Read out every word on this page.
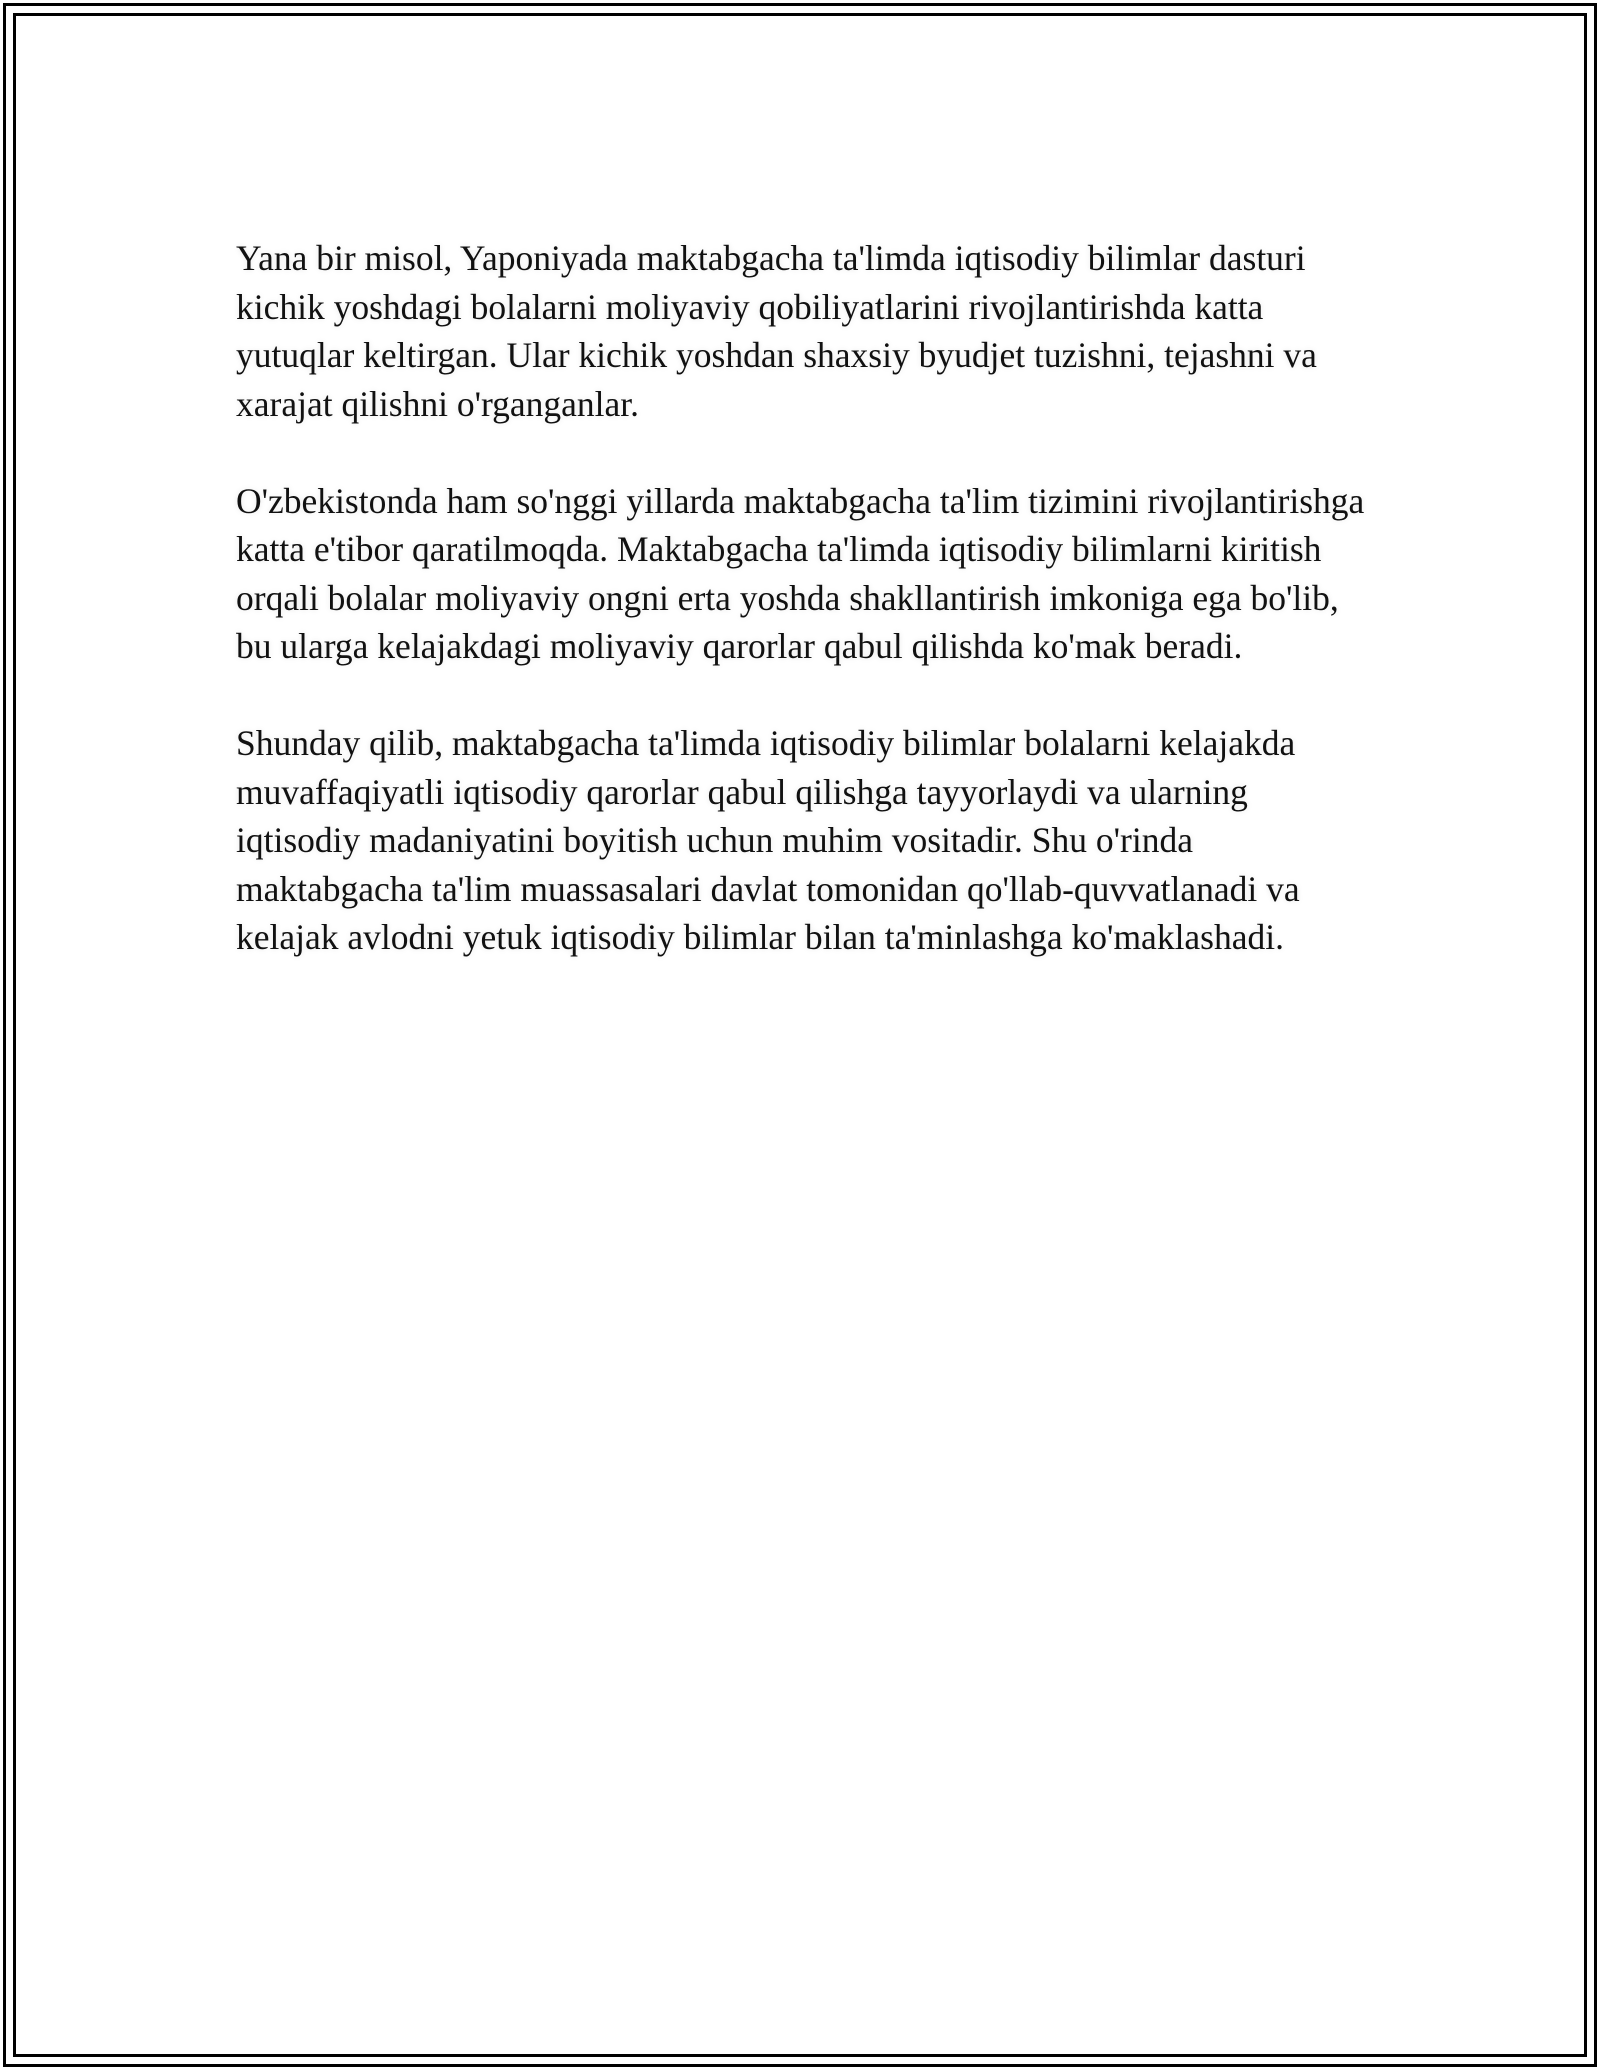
Yana bir misol, Yaponiyada maktabgacha ta'limda iqtisodiy bilimlar dasturi kichik yoshdagi bolalarni moliyaviy qobiliyatlarini rivojlantirishda katta yutuqlar keltirgan. Ular kichik yoshdan shaxsiy byudjet tuzishni, tejashni va xarajat qilishni o'rganganlar.

O'zbekistonda ham so'nggi yillarda maktabgacha ta'lim tizimini rivojlantirishga katta e'tibor qaratilmoqda. Maktabgacha ta'limda iqtisodiy bilimlarni kiritish orqali bolalar moliyaviy ongni erta yoshda shakllantirish imkoniga ega bo'lib, bu ularga kelajakdagi moliyaviy qarorlar qabul qilishda ko'mak beradi.

Shunday qilib, maktabgacha ta'limda iqtisodiy bilimlar bolalarni kelajakda muvaffaqiyatli iqtisodiy qarorlar qabul qilishga tayyorlaydi va ularning iqtisodiy madaniyatini boyitish uchun muhim vositadir. Shu o'rinda maktabgacha ta'lim muassasalari davlat tomonidan qo'llab-quvvatlanadi va kelajak avlodni yetuk iqtisodiy bilimlar bilan ta'minlashga ko'maklashadi.
